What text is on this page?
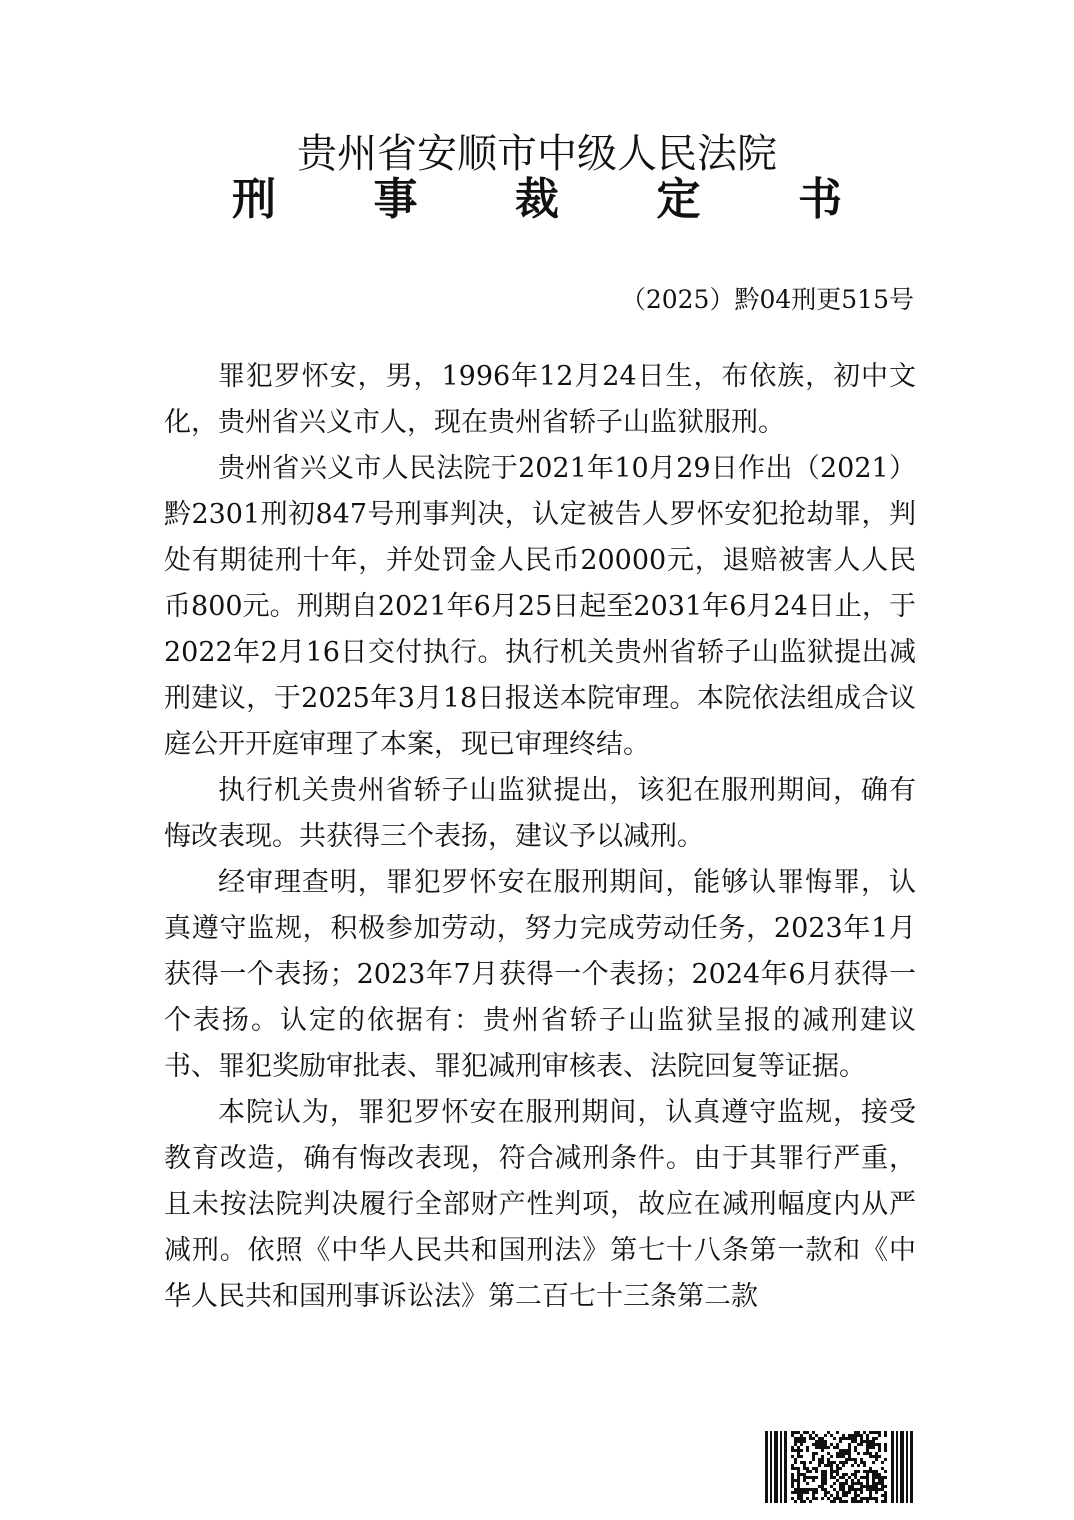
贵州省安顺市中级人民法院
刑 事 裁 定 书
（2025）黔04刑更515号

罪犯罗怀安，男，1996年12月24日生，布依族，初中文化，贵州省兴义市人，现在贵州省轿子山监狱服刑。

贵州省兴义市人民法院于2021年10月29日作出（2021）黔2301刑初847号刑事判决，认定被告人罗怀安犯抢劫罪，判处有期徒刑十年，并处罚金人民币20000元，退赔被害人人民币800元。刑期自2021年6月25日起至2031年6月24日止，于2022年2月16日交付执行。执行机关贵州省轿子山监狱提出减刑建议，于2025年3月18日报送本院审理。本院依法组成合议庭公开开庭审理了本案，现已审理终结。

执行机关贵州省轿子山监狱提出，该犯在服刑期间，确有悔改表现。共获得三个表扬，建议予以减刑。

经审理查明，罪犯罗怀安在服刑期间，能够认罪悔罪，认真遵守监规，积极参加劳动，努力完成劳动任务，2023年1月获得一个表扬；2023年7月获得一个表扬；2024年6月获得一个表扬。认定的依据有：贵州省轿子山监狱呈报的减刑建议书、罪犯奖励审批表、罪犯减刑审核表、法院回复等证据。

本院认为，罪犯罗怀安在服刑期间，认真遵守监规，接受教育改造，确有悔改表现，符合减刑条件。由于其罪行严重，且未按法院判决履行全部财产性判项，故应在减刑幅度内从严减刑。依照《中华人民共和国刑法》第七十八条第一款和《中华人民共和国刑事诉讼法》第二百七十三条第二款
